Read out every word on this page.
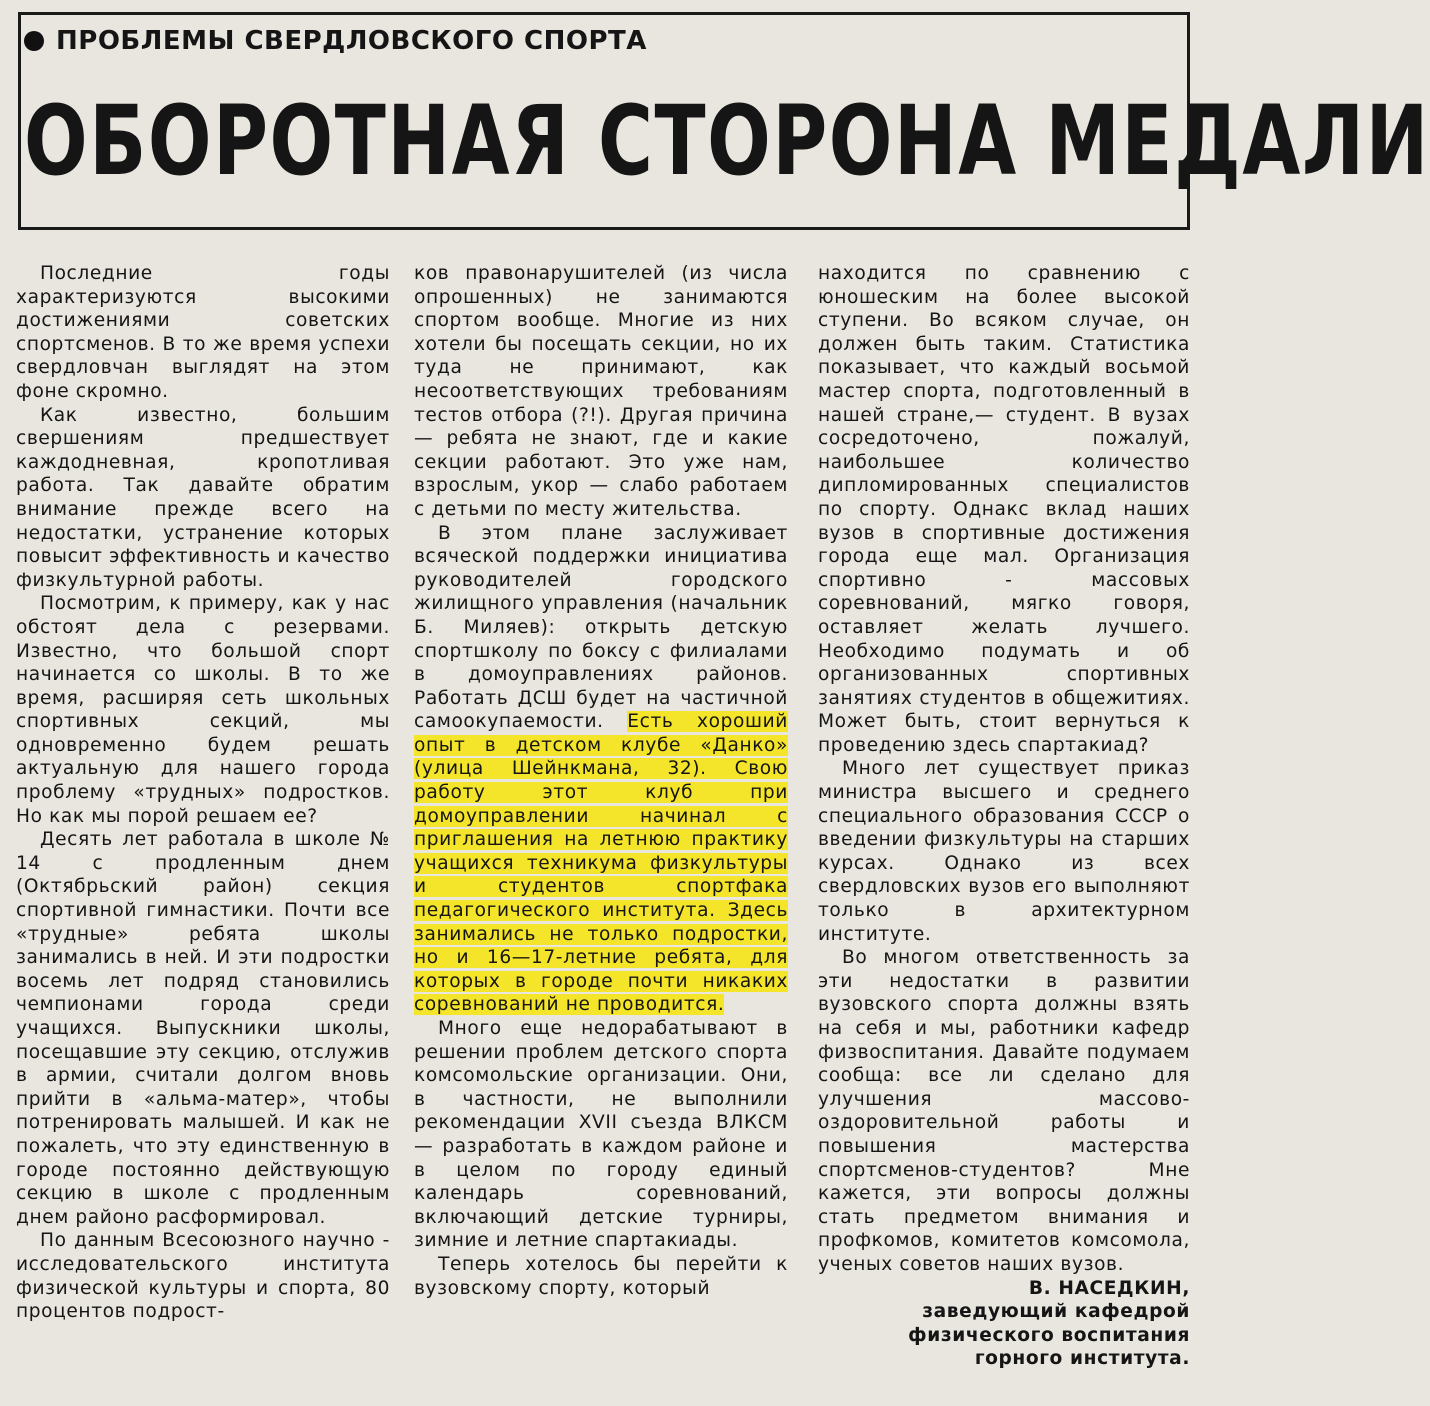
ПРОБЛЕМЫ СВЕРДЛОВСКОГО СПОРТА
ОБОРОТНАЯ СТОРОНА МЕДАЛИ

Последние годы характеризуются высокими достижениями советских спортсменов. В то же время успехи свердловчан выглядят на этом фоне скромно.

Как известно, большим свершениям предшествует каждодневная, кропотливая работа. Так давайте обратим внимание прежде всего на недостатки, устранение которых повысит эффективность и качество физкультурной работы.

Посмотрим, к примеру, как у нас обстоят дела с резервами. Известно, что большой спорт начинается со школы. В то же время, расширяя сеть школьных спортивных секций, мы одновременно будем решать актуальную для нашего города проблему «трудных» подростков. Но как мы порой решаем ее?

Десять лет работала в школе № 14 с продленным днем (Октябрьский район) секция спортивной гимнастики. Почти все «трудные» ребята школы занимались в ней. И эти подростки восемь лет подряд становились чемпионами города среди учащихся. Выпускники школы, посещавшие эту секцию, отслужив в армии, считали долгом вновь прийти в «альма-матер», чтобы потренировать малышей. И как не пожалеть, что эту единственную в городе постоянно действующую секцию в школе с продленным днем районо расформировал.

По данным Всесоюзного научно - исследовательского института физической культуры и спорта, 80 процентов подрост-

ков правонарушителей (из числа опрошенных) не занимаются спортом вообще. Многие из них хотели бы посещать секции, но их туда не принимают, как несоответствующих требованиям тестов отбора (?!). Другая причина — ребята не знают, где и какие секции работают. Это уже нам, взрослым, укор — слабо работаем с детьми по месту жительства.

В этом плане заслуживает всяческой поддержки инициатива руководителей городского жилищного управления (начальник Б. Миляев): открыть детскую спортшколу по боксу с филиалами в домоуправлениях районов. Работать ДСШ будет на частичной самоокупаемости. Есть хороший опыт в детском клубе «Данко» (улица Шейнкмана, 32). Свою работу этот клуб при домоуправлении начинал с приглашения на летнюю практику учащихся техникума физкультуры и студентов спортфака педагогического института. Здесь занимались не только подростки, но и 16—17-летние ребята, для которых в городе почти никаких соревнований не проводится.

Много еще недорабатывают в решении проблем детского спорта комсомольские организации. Они, в частности, не выполнили рекомендации XVII съезда ВЛКСМ — разработать в каждом районе и в целом по городу единый календарь соревнований, включающий детские турниры, зимние и летние спартакиады.

Теперь хотелось бы перейти к вузовскому спорту, который

находится по сравнению с юношеским на более высокой ступени. Во всяком случае, он должен быть таким. Статистика показывает, что каждый восьмой мастер спорта, подготовленный в нашей стране,— студент. В вузах сосредоточено, пожалуй, наибольшее количество дипломированных специалистов по спорту. Однакс вклад наших вузов в спортивные достижения города еще мал. Организация спортивно - массовых соревнований, мягко говоря, оставляет желать лучшего. Необходимо подумать и об организованных спортивных занятиях студентов в общежитиях. Может быть, стоит вернуться к проведению здесь спартакиад?

Много лет существует приказ министра высшего и среднего специального образования СССР о введении физкультуры на старших курсах. Однако из всех свердловских вузов его выполняют только в архитектурном институте.

Во многом ответственность за эти недостатки в развитии вузовского спорта должны взять на себя и мы, работники кафедр физвоспитания. Давайте подумаем сообща: все ли сделано для улучшения массово-оздоровительной работы и повышения мастерства спортсменов-студентов? Мне кажется, эти вопросы должны стать предметом внимания и профкомов, комитетов комсомола, ученых советов наших вузов.

В. НАСЕДКИН,

заведующий кафедрой
физического воспитания
горного института.
